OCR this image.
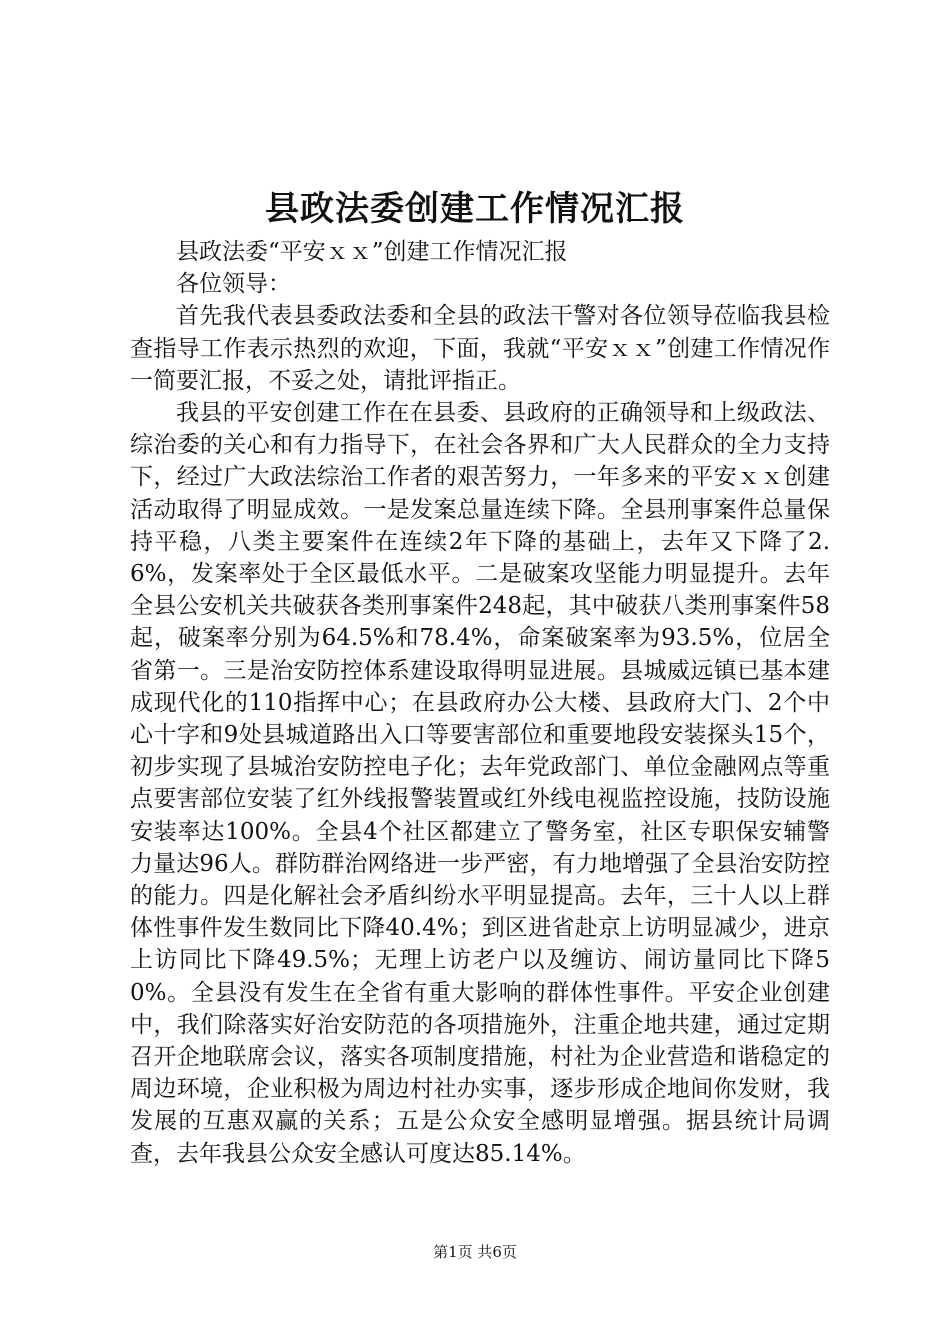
县政法委创建工作情况汇报

县政法委“平安ｘｘ”创建工作情况汇报

各位领导：

首先我代表县委政法委和全县的政法干警对各位领导莅临我县检查指导工作表示热烈的欢迎，下面，我就“平安ｘｘ”创建工作情况作一简要汇报，不妥之处，请批评指正。

我县的平安创建工作在在县委、县政府的正确领导和上级政法、综治委的关心和有力指导下，在社会各界和广大人民群众的全力支持下，经过广大政法综治工作者的艰苦努力，一年多来的平安ｘｘ创建活动取得了明显成效。一是发案总量连续下降。全县刑事案件总量保持平稳，八类主要案件在连续2年下降的基础上，去年又下降了2.6%，发案率处于全区最低水平。二是破案攻坚能力明显提升。去年全县公安机关共破获各类刑事案件248起，其中破获八类刑事案件58起，破案率分别为64.5%和78.4%，命案破案率为93.5%，位居全省第一。三是治安防控体系建设取得明显进展。县城威远镇已基本建成现代化的110指挥中心；在县政府办公大楼、县政府大门、2个中心十字和9处县城道路出入口等要害部位和重要地段安装探头15个，初步实现了县城治安防控电子化；去年党政部门、单位金融网点等重点要害部位安装了红外线报警装置或红外线电视监控设施，技防设施安装率达100%。全县4个社区都建立了警务室，社区专职保安辅警力量达96人。群防群治网络进一步严密，有力地增强了全县治安防控的能力。四是化解社会矛盾纠纷水平明显提高。去年，三十人以上群体性事件发生数同比下降40.4%；到区进省赴京上访明显减少，进京上访同比下降49.5%；无理上访老户以及缠访、闹访量同比下降50%。全县没有发生在全省有重大影响的群体性事件。平安企业创建中，我们除落实好治安防范的各项措施外，注重企地共建，通过定期召开企地联席会议，落实各项制度措施，村社为企业营造和谐稳定的周边环境，企业积极为周边村社办实事，逐步形成企地间你发财，我发展的互惠双赢的关系；五是公众安全感明显增强。据县统计局调查，去年我县公众安全感认可度达85.14%。

第1页 共6页
